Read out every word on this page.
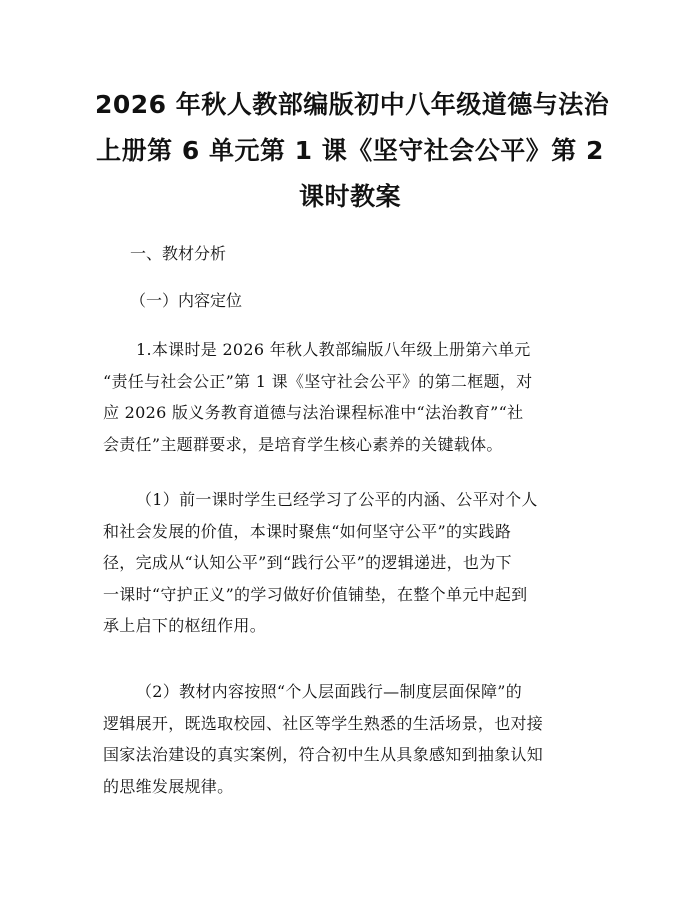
2026 年秋人教部编版初中八年级道德与法治
上册第 6 单元第 1 课《坚守社会公平》第 2
课时教案
一、教材分析
（一）内容定位
1.本课时是 2026 年秋人教部编版八年级上册第六单元
“责任与社会公正”第 1 课《坚守社会公平》的第二框题，对
应 2026 版义务教育道德与法治课程标准中“法治教育”“社
会责任”主题群要求，是培育学生核心素养的关键载体。
（1）前一课时学生已经学习了公平的内涵、公平对个人
和社会发展的价值，本课时聚焦“如何坚守公平”的实践路
径，完成从“认知公平”到“践行公平”的逻辑递进，也为下
一课时“守护正义”的学习做好价值铺垫，在整个单元中起到
承上启下的枢纽作用。
（2）教材内容按照“个人层面践行—制度层面保障”的
逻辑展开，既选取校园、社区等学生熟悉的生活场景，也对接
国家法治建设的真实案例，符合初中生从具象感知到抽象认知
的思维发展规律。
